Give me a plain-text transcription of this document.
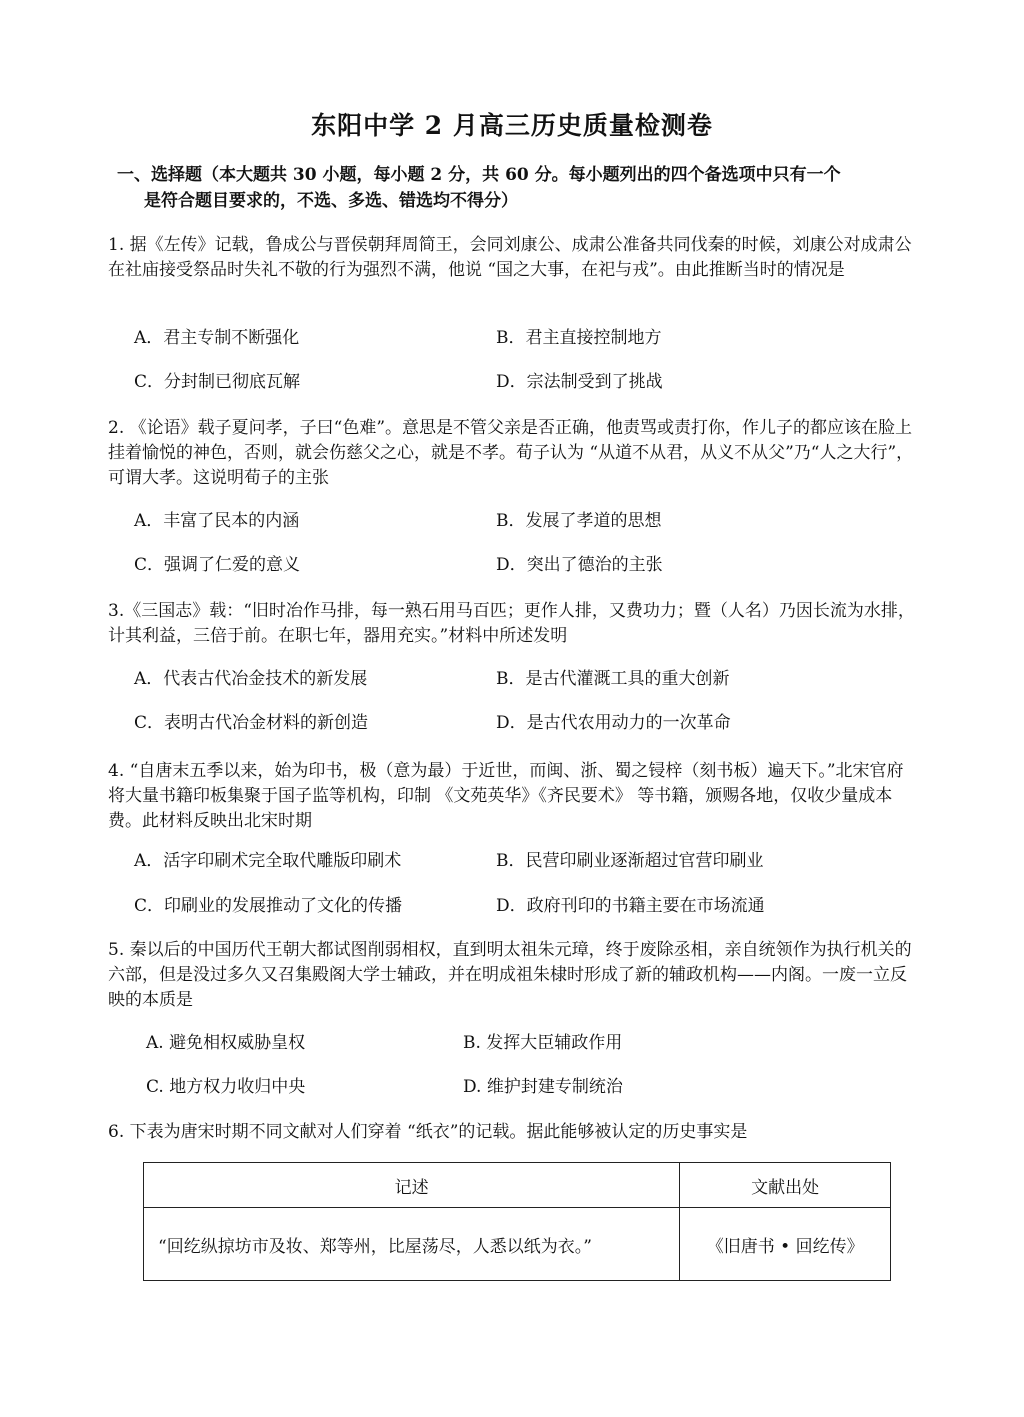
东阳中学 2 月高三历史质量检测卷
一、选择题（本大题共 30 小题，每小题 2 分，共 60 分。每小题列出的四个备选项中只有一个
是符合题目要求的，不选、多选、错选均不得分）
1. 据《左传》记载，鲁成公与晋侯朝拜周简王，会同刘康公、成肃公准备共同伐秦的时候，刘康公对成肃公在社庙接受祭品时失礼不敬的行为强烈不满，他说 “国之大事，在祀与戎”。由此推断当时的情况是
A．君主专制不断强化	B．君主直接控制地方
C．分封制已彻底瓦解	D．宗法制受到了挑战
2. 《论语》载子夏问孝，子曰“色难”。意思是不管父亲是否正确，他责骂或责打你，作儿子的都应该在脸上挂着愉悦的神色，否则，就会伤慈父之心，就是不孝。荀子认为 “从道不从君，从义不从父”乃“人之大行”，可谓大孝。这说明荀子的主张
A．丰富了民本的内涵	B．发展了孝道的思想
C．强调了仁爱的意义	D．突出了德治的主张
3.《三国志》载：“旧时冶作马排，每一熟石用马百匹；更作人排，又费功力；暨（人名）乃因长流为水排，计其利益，三倍于前。在职七年，器用充实。”材料中所述发明
A．代表古代冶金技术的新发展	B．是古代灌溉工具的重大创新
C．表明古代冶金材料的新创造	D．是古代农用动力的一次革命
4. “自唐末五季以来，始为印书，极（意为最）于近世，而闽、浙、蜀之锓梓（刻书板）遍天下。”北宋官府将大量书籍印板集聚于国子监等机构，印制 《文苑英华》《齐民要术》 等书籍，颁赐各地，仅收少量成本费。此材料反映出北宋时期
A．活字印刷术完全取代雕版印刷术	B．民营印刷业逐渐超过官营印刷业
C．印刷业的发展推动了文化的传播	D．政府刊印的书籍主要在市场流通
5. 秦以后的中国历代王朝大都试图削弱相权，直到明太祖朱元璋，终于废除丞相，亲自统领作为执行机关的六部，但是没过多久又召集殿阁大学士辅政，并在明成祖朱棣时形成了新的辅政机构——内阁。一废一立反映的本质是
A. 避免相权威胁皇权	B. 发挥大臣辅政作用
C. 地方权力收归中央	D. 维护封建专制统治
6. 下表为唐宋时期不同文献对人们穿着 “纸衣”的记载。据此能够被认定的历史事实是
记述	文献出处
“回纥纵掠坊市及妆、郑等州，比屋荡尽，人悉以纸为衣。”	《旧唐书 • 回纥传》
